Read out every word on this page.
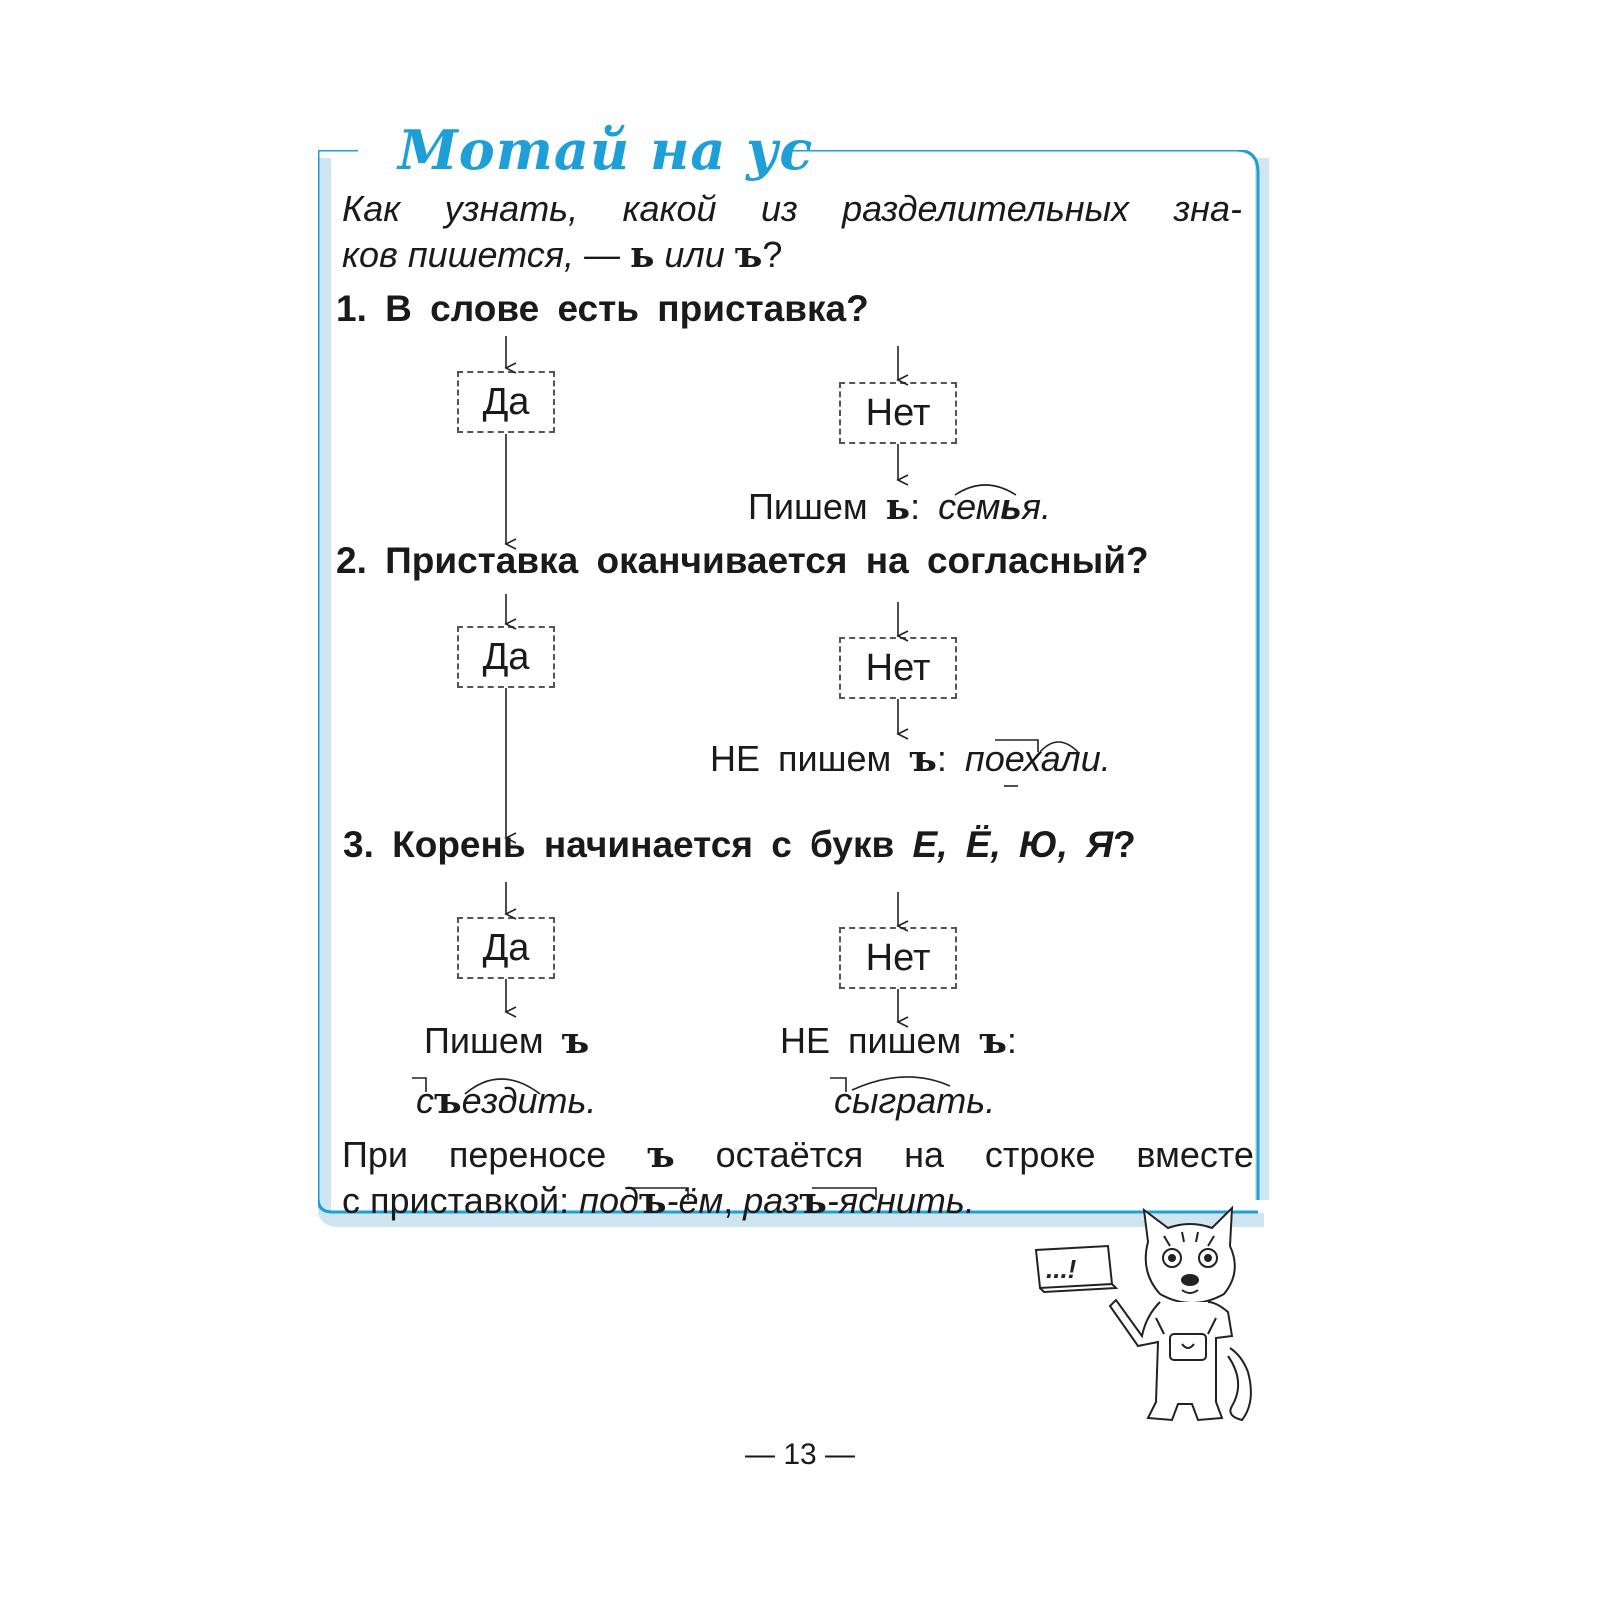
Мотай на ус
Как узнать, какой из разделительных зна-
ков пишется, — ь или ъ?
1. В слове есть приставка?
2. Приставка оканчивается на согласный?
3. Корень начинается с букв Е, Ё, Ю, Я?
Да	Нет
Да	Нет
Да	Нет
Пишем ь: семья.
НЕ пишем ъ: поехали.
Пишем ъ
съездить.
НЕ пишем ъ:
сыграть.
При переносе ъ остаётся на строке вместе
с приставкой: подъ-ём, разъ-яснить.
...!
— 13 —
